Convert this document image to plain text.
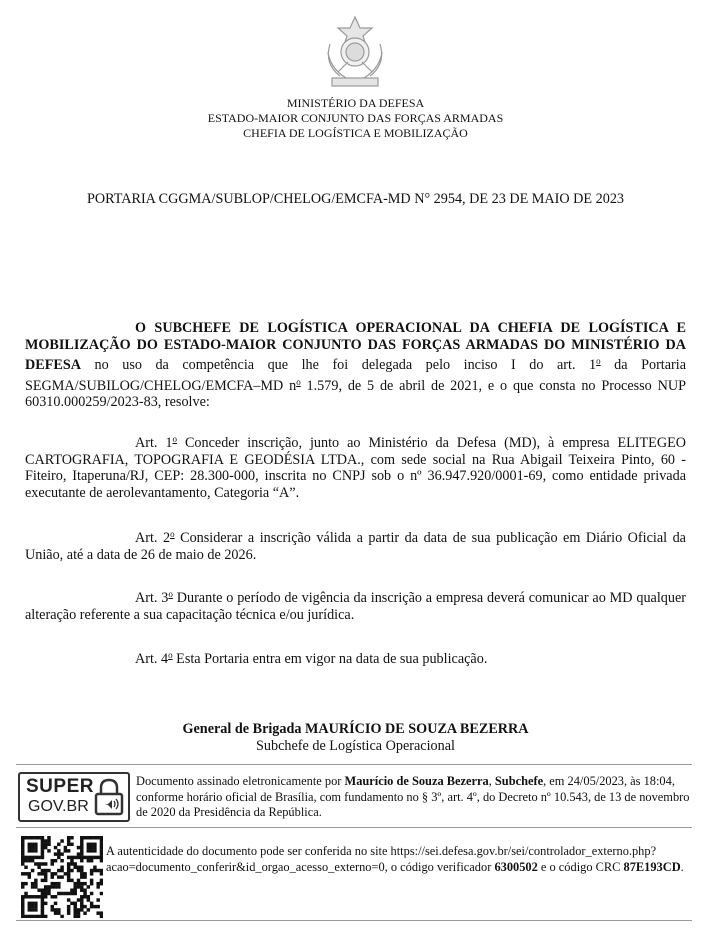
MINISTÉRIO DA DEFESA
ESTADO-MAIOR CONJUNTO DAS FORÇAS ARMADAS
CHEFIA DE LOGÍSTICA E MOBILIZAÇÃO
PORTARIA CGGMA/SUBLOP/CHELOG/EMCFA-MD N° 2954, DE 23 DE MAIO DE 2023

O SUBCHEFE DE LOGÍSTICA OPERACIONAL DA CHEFIA DE LOGÍSTICA E MOBILIZAÇÃO DO ESTADO-MAIOR CONJUNTO DAS FORÇAS ARMADAS DO MINISTÉRIO DA DEFESA no uso da competência que lhe foi delegada pelo inciso I do art. 1$^o$ da Portaria SEGMA/SUBILOG/CHELOG/EMCFA–MD $n^o$ 1.579, de 5 de abril de 2021, e o que consta no Processo NUP 60310.000259/2023-83, resolve:

Art. 1$^o$ Conceder inscrição, junto ao Ministério da Defesa (MD), à empresa ELITEGEO CARTOGRAFIA, TOPOGRAFIA E GEODÉSIA LTDA., com sede social na Rua Abigail Teixeira Pinto, 60 - Fiteiro, Itaperuna/RJ, CEP: 28.300-000, inscrita no CNPJ sob o nº 36.947.920/0001-69, como entidade privada executante de aerolevantamento, Categoria “A”.

Art. 2$^o$ Considerar a inscrição válida a partir da data de sua publicação em Diário Oficial da União, até a data de 26 de maio de 2026.

Art. 3$^o$ Durante o período de vigência da inscrição a empresa deverá comunicar ao MD qualquer alteração referente a sua capacitação técnica e/ou jurídica.

Art. 4$^o$ Esta Portaria entra em vigor na data de sua publicação.

General de Brigada MAURÍCIO DE SOUZA BEZERRA
Subchefe de Logística Operacional
SUPER
GOV.BR
Documento assinado eletronicamente por Maurício de Souza Bezerra, Subchefe, em 24/05/2023, às 18:04, conforme horário oficial de Brasília, com fundamento no § 3º, art. 4º, do Decreto nº 10.543, de 13 de novembro de 2020 da Presidência da República.
A autenticidade do documento pode ser conferida no site https://sei.defesa.gov.br/sei/controlador_externo.php?acao=documento_conferir&id_orgao_acesso_externo=0, o código verificador 6300502 e o código CRC 87E193CD.
